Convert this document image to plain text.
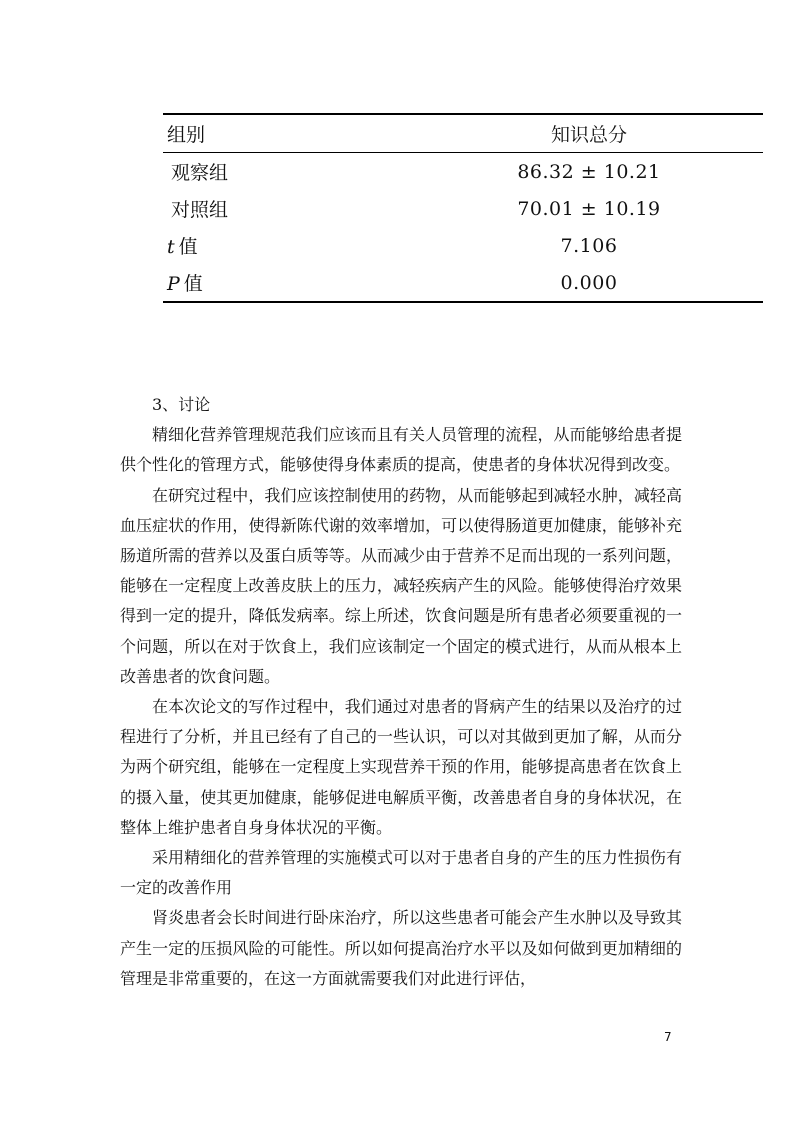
组别	知识总分
观察组	86.32 ± 10.21
对照组	70.01 ± 10.19
t 值	7.106
P 值	0.000

3、讨论

精细化营养管理规范我们应该而且有关人员管理的流程，从而能够给患者提供个性化的管理方式，能够使得身体素质的提高，使患者的身体状况得到改变。

在研究过程中，我们应该控制使用的药物，从而能够起到减轻水肿，减轻高血压症状的作用，使得新陈代谢的效率增加，可以使得肠道更加健康，能够补充肠道所需的营养以及蛋白质等等。从而减少由于营养不足而出现的一系列问题，能够在一定程度上改善皮肤上的压力，减轻疾病产生的风险。能够使得治疗效果得到一定的提升，降低发病率。综上所述，饮食问题是所有患者必须要重视的一个问题，所以在对于饮食上，我们应该制定一个固定的模式进行，从而从根本上改善患者的饮食问题。

在本次论文的写作过程中，我们通过对患者的肾病产生的结果以及治疗的过程进行了分析，并且已经有了自己的一些认识，可以对其做到更加了解，从而分为两个研究组，能够在一定程度上实现营养干预的作用，能够提高患者在饮食上的摄入量，使其更加健康，能够促进电解质平衡，改善患者自身的身体状况，在整体上维护患者自身身体状况的平衡。

采用精细化的营养管理的实施模式可以对于患者自身的产生的压力性损伤有一定的改善作用

肾炎患者会长时间进行卧床治疗，所以这些患者可能会产生水肿以及导致其产生一定的压损风险的可能性。所以如何提高治疗水平以及如何做到更加精细的管理是非常重要的，在这一方面就需要我们对此进行评估，

7
